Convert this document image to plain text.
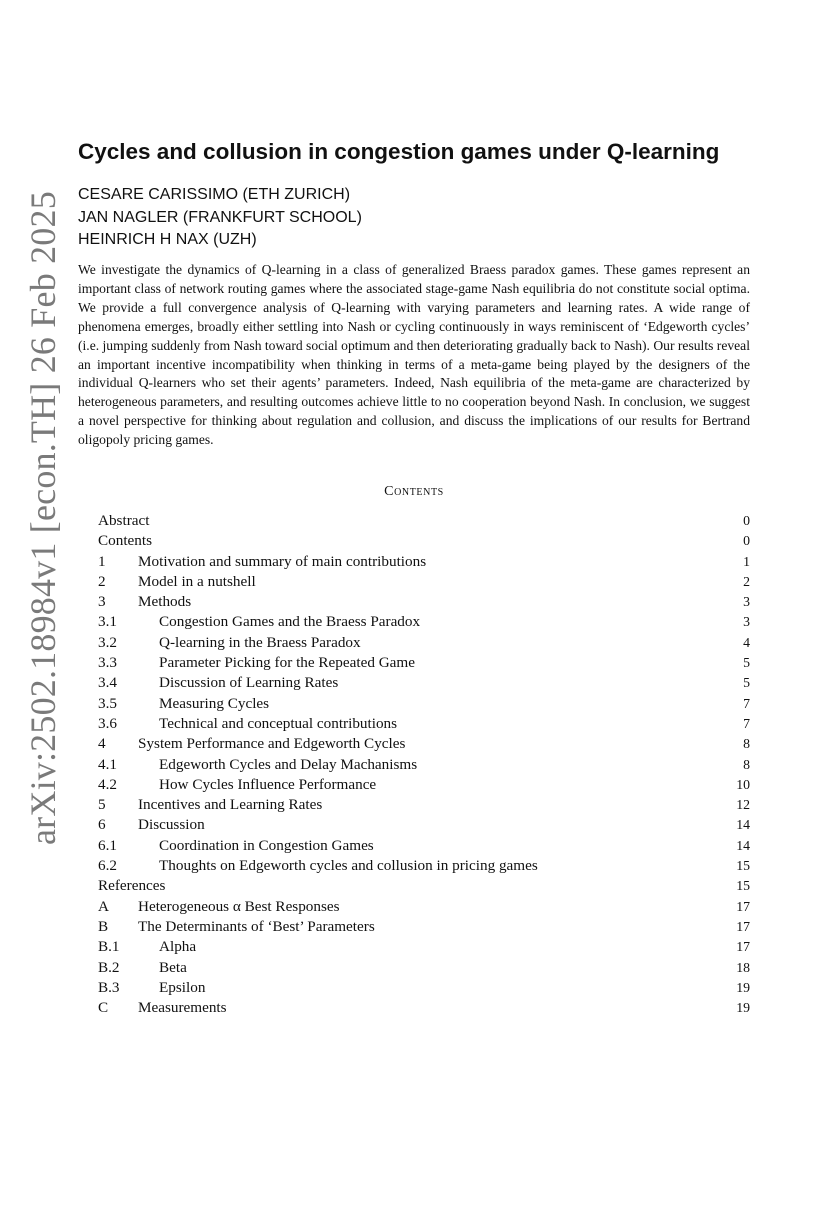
arXiv:2502.18984v1 [econ.TH] 26 Feb 2025
Cycles and collusion in congestion games under Q-learning
CESARE CARISSIMO (ETH ZURICH)
JAN NAGLER (FRANKFURT SCHOOL)
HEINRICH H NAX (UZH)

We investigate the dynamics of Q-learning in a class of generalized Braess paradox games. These games represent an important class of network routing games where the associated stage-game Nash equilibria do not constitute social optima. We provide a full convergence analysis of Q-learning with varying parameters and learning rates. A wide range of phenomena emerges, broadly either settling into Nash or cycling continuously in ways reminiscent of ‘Edgeworth cycles’ (i.e. jumping suddenly from Nash toward social optimum and then deteriorating gradually back to Nash). Our results reveal an important incentive incompatibility when thinking in terms of a meta-game being played by the designers of the individual Q-learners who set their agents’ parameters. Indeed, Nash equilibria of the meta-game are characterized by heterogeneous parameters, and resulting outcomes achieve little to no cooperation beyond Nash. In conclusion, we suggest a novel perspective for thinking about regulation and collusion, and discuss the implications of our results for Bertrand oligopoly pricing games.

Contents
Abstract	0
Contents	0
1 Motivation and summary of main contributions	1
2 Model in a nutshell	2
3 Methods	3
3.1	Congestion Games and the Braess Paradox	3
3.2	Q-learning in the Braess Paradox	4
3.3	Parameter Picking for the Repeated Game	5
3.4	Discussion of Learning Rates	5
3.5	Measuring Cycles	7
3.6	Technical and conceptual contributions	7
4 System Performance and Edgeworth Cycles	8
4.1	Edgeworth Cycles and Delay Machanisms	8
4.2	How Cycles Influence Performance	10
5 Incentives and Learning Rates	12
6 Discussion	14
6.1	Coordination in Congestion Games	14
6.2	Thoughts on Edgeworth cycles and collusion in pricing games	15
References	15
A Heterogeneous α Best Responses	17
B The Determinants of ‘Best’ Parameters	17
B.1	Alpha	17
B.2	Beta	18
B.3	Epsilon	19
C Measurements	19
